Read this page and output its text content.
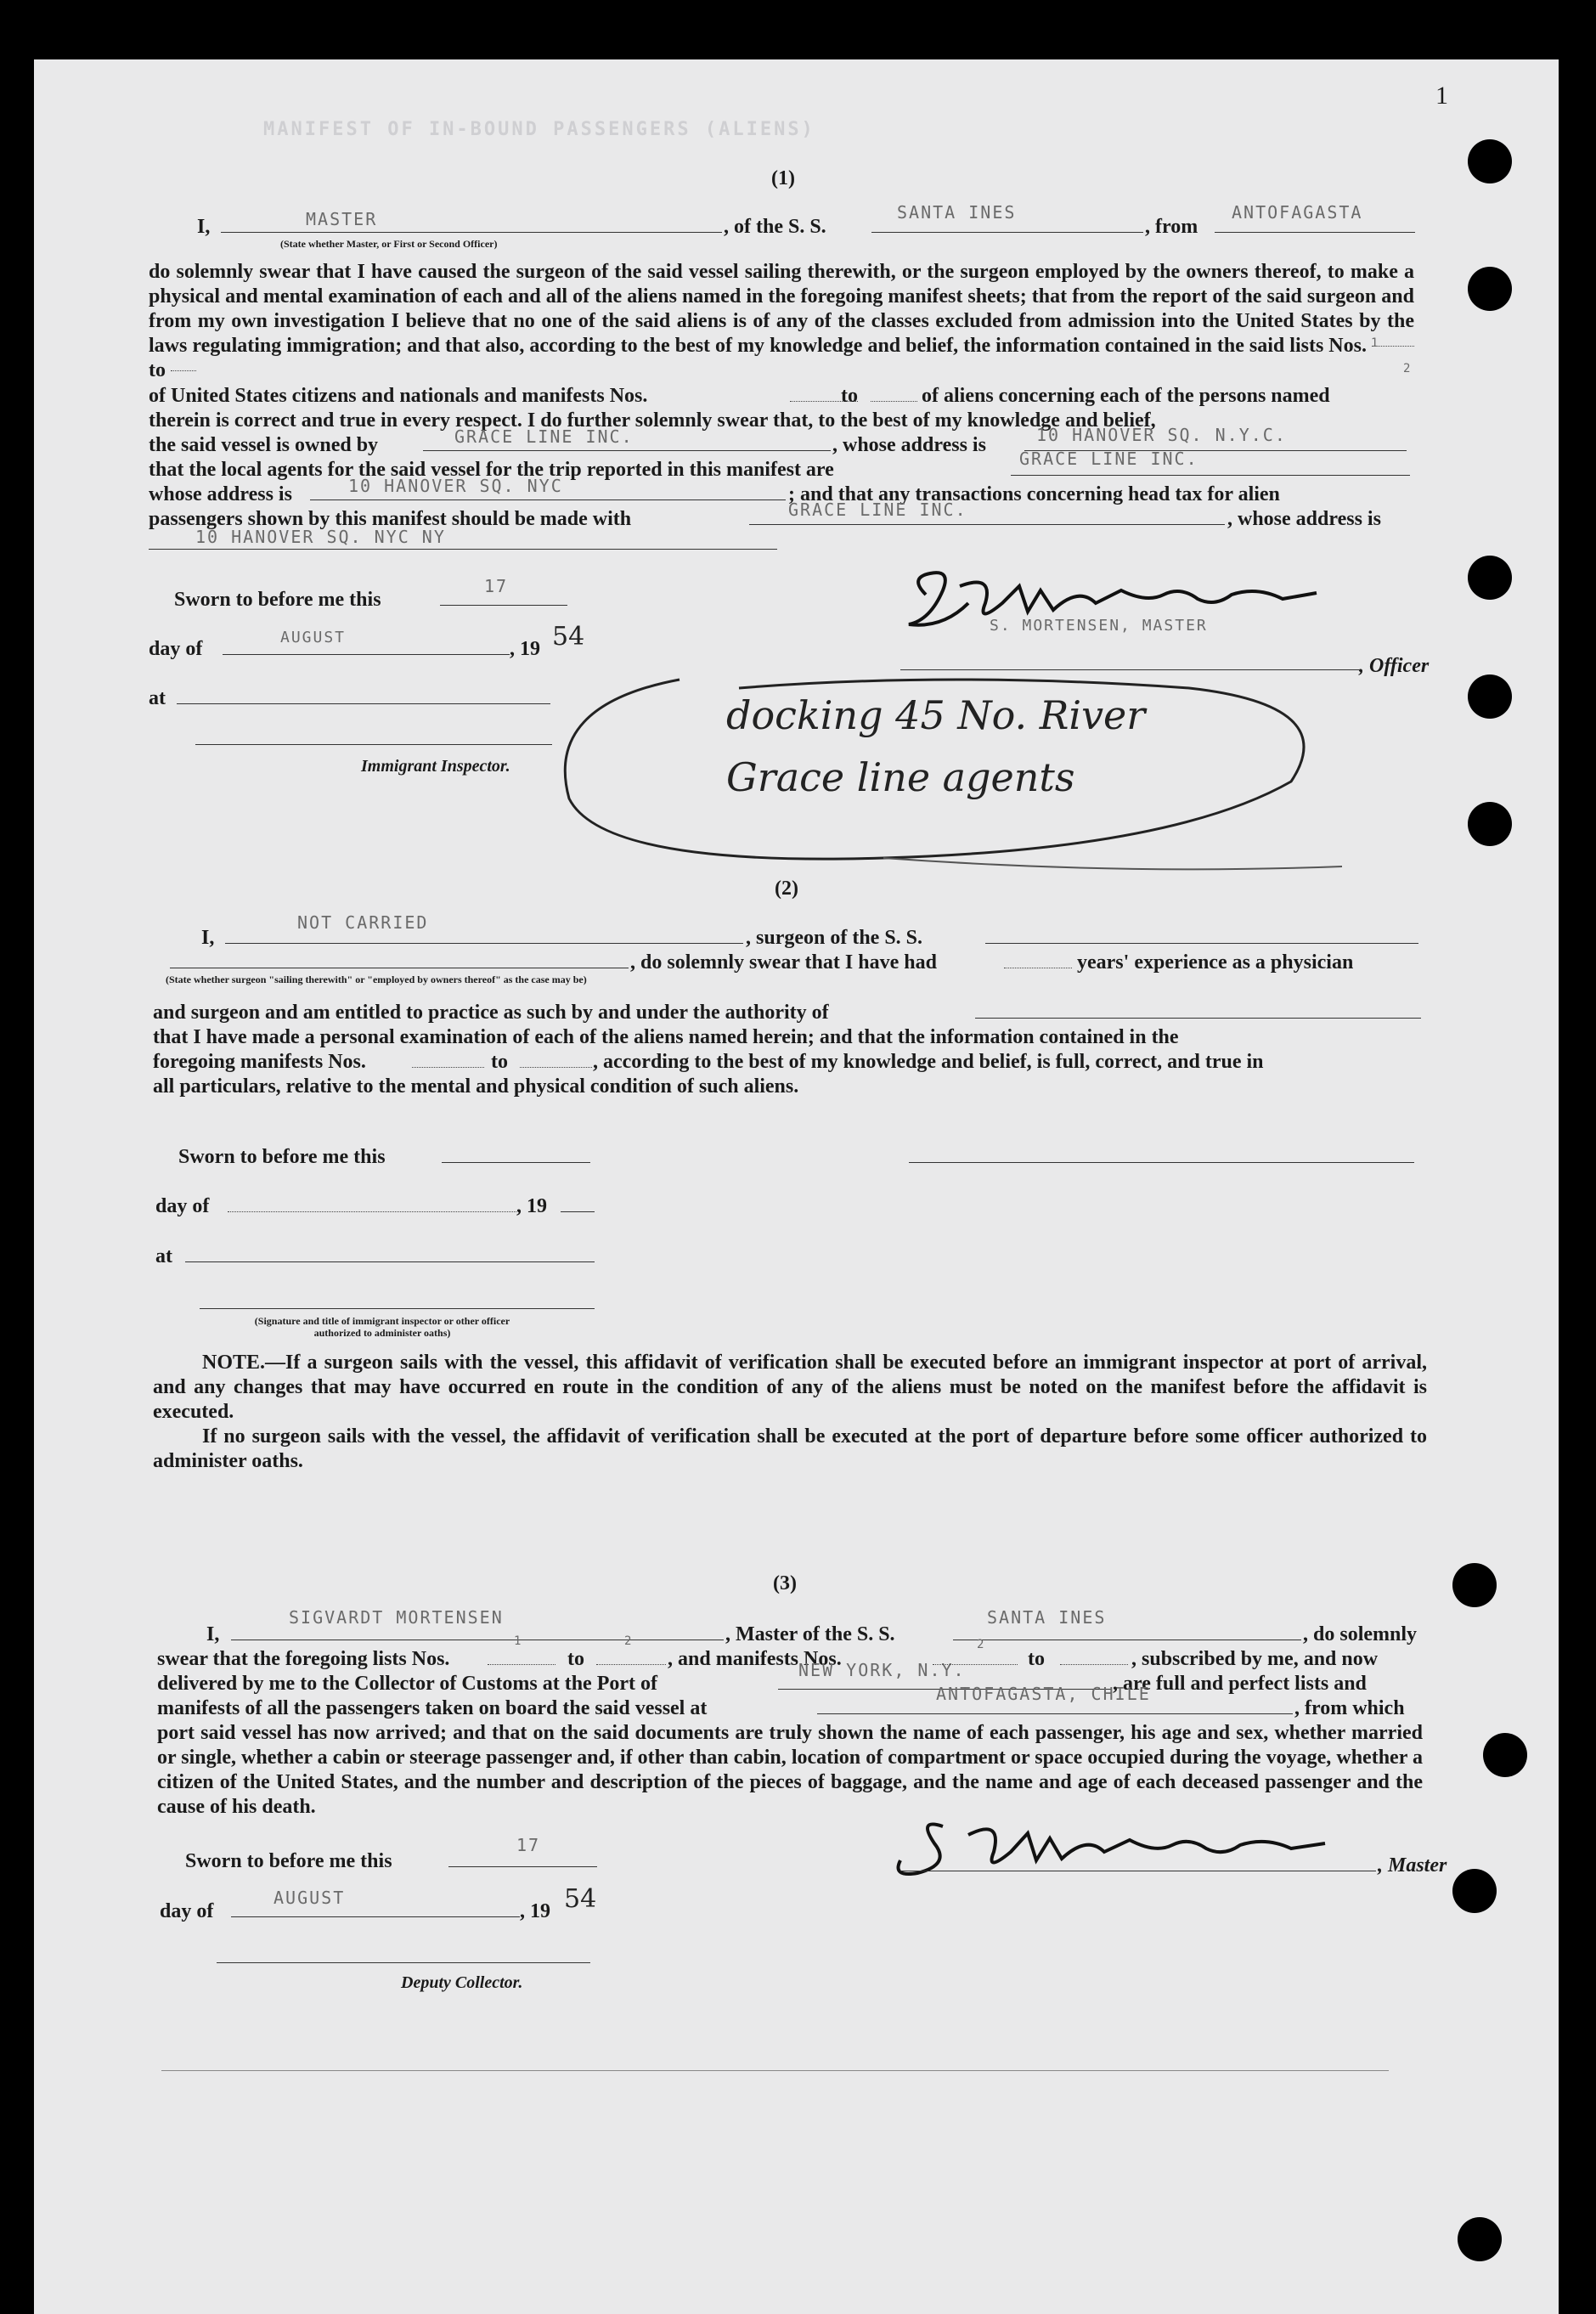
MANIFEST OF IN-BOUND PASSENGERS (ALIENS)
1
(1)
I,	MASTER
(State whether Master, or First or Second Officer)
, of the S. S.
SANTA INES
, from
ANTOFAGASTA

do solemnly swear that I have caused the surgeon of the said vessel sailing therewith, or the surgeon employed by the owners thereof, to make a physical and mental examination of each and all of the aliens named in the foregoing manifest sheets; that from the report of the said surgeon and from my own investigation I believe that no one of the said aliens is of any of the classes excluded from admission into the United States by the laws regulating immigration; and that also, according to the best of my knowledge and belief, the information contained in the said lists Nos.  to

1
2
of United States citizens and nationals and manifests Nos.	to	of aliens concerning each of the persons named
therein is correct and true in every respect. I do further solemnly swear that, to the best of my knowledge and belief,
the said vessel is owned by	GRACE LINE INC.	, whose address is	10 HANOVER SQ. N.Y.C.
that the local agents for the said vessel for the trip reported in this manifest are	GRACE LINE INC.
whose address is	10 HANOVER SQ. NYC	; and that any transactions concerning head tax for alien
passengers shown by this manifest should be made with	GRACE LINE INC.	, whose address is
10 HANOVER SQ. NYC NY
Sworn to before me this
17
S. MORTENSEN, MASTER
day of
AUGUST
, 19 54
at
, Officer
Immigrant Inspector.
docking 45 No. River
Grace line agents
(2)
I,
NOT CARRIED
, surgeon of the S. S.
, do solemnly swear that I have had	years' experience as a physician
(State whether surgeon "sailing therewith" or "employed by owners thereof" as the case may be)
and surgeon and am entitled to practice as such by and under the authority of
that I have made a personal examination of each of the aliens named herein; and that the information contained in the
foregoing manifests Nos.	to	, according to the best of my knowledge and belief, is full, correct, and true in
all particulars, relative to the mental and physical condition of such aliens.
Sworn to before me this
day of	, 19
at
(Signature and title of immigrant inspector or other officer authorized to administer oaths)

NOTE.—If a surgeon sails with the vessel, this affidavit of verification shall be executed before an immigrant inspector at port of arrival, and any changes that may have occurred en route in the condition of any of the aliens must be noted on the manifest before the affidavit is executed.

If no surgeon sails with the vessel, the affidavit of verification shall be executed at the port of departure before some officer authorized to administer oaths.

(3)
I,
SIGVARDT MORTENSEN
, Master of the S. S.
SANTA INES
, do solemnly
swear that the foregoing lists Nos.
1
to
2
, and manifests Nos.
2
to	, subscribed by me, and now
delivered by me to the Collector of Customs at the Port of
NEW YORK, N.Y.
, are full and perfect lists and
manifests of all the passengers taken on board the said vessel at
ANTOFAGASTA, CHILE
, from which
port said vessel has now arrived; and that on the said documents are truly shown the name of each passenger, his age and sex, whether married or single, whether a cabin or steerage passenger and, if other than cabin, location of compartment or space occupied during the voyage, whether a citizen of the United States, and the number and description of the pieces of baggage, and the name and age of each deceased passenger and the cause of his death.
Sworn to before me this
17
, Master
day of
AUGUST
, 19 54
Deputy Collector.
